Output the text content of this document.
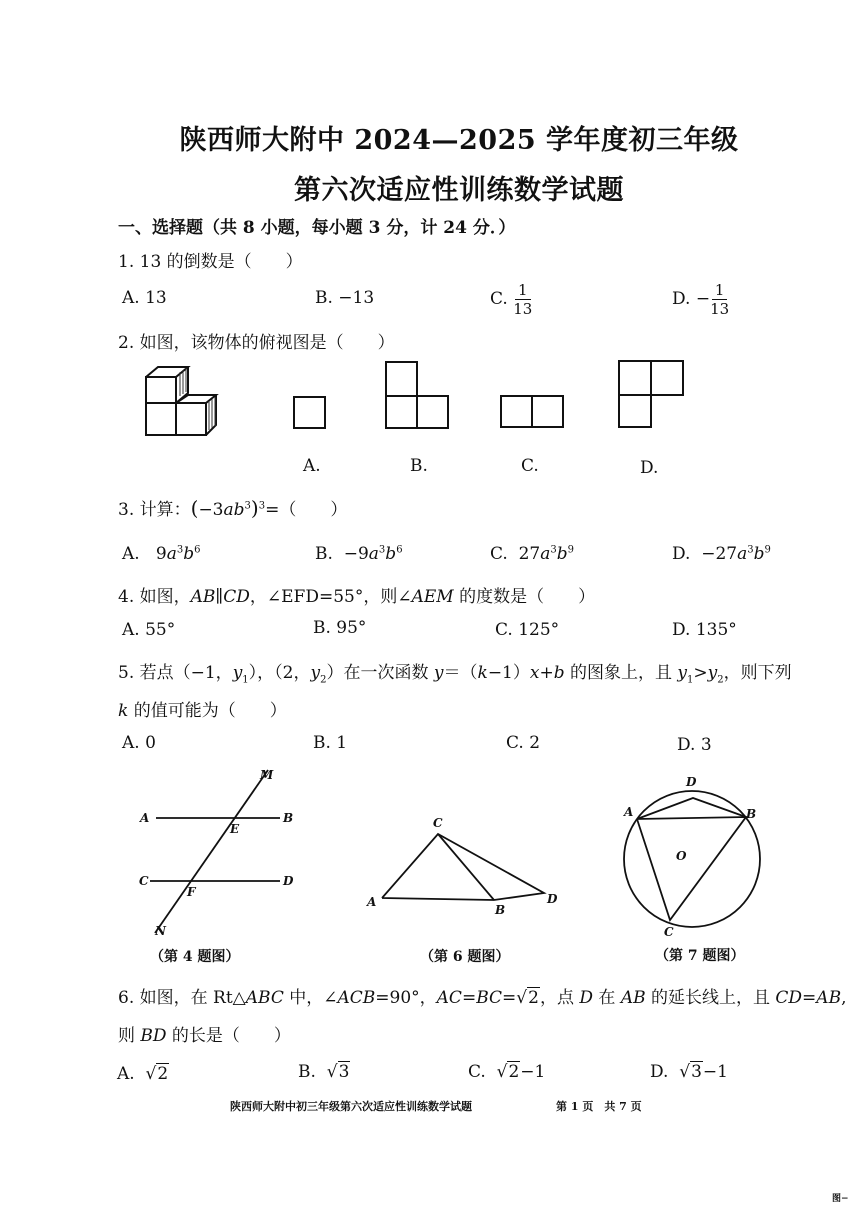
陕西师大附中 2024—2025 学年度初三年级
第六次适应性训练数学试题
一、选择题（共 8 小题，每小题 3 分，计 24 分．）
1. 13 的倒数是（　　）
A. 13	B. −13	C. $\frac{1}{13}$	D. − $\frac{1}{13}$
2. 如图，该物体的俯视图是（　　）
A.	B.	C.	D.
3. 计算：$(-3ab^3)^3=$（　　）
A.   $9a^3b^6$	B.  $-9a^3b^6$	C.  $27a^3b^9$	D.  $-27a^3b^9$
4. 如图，AB∥CD，∠EFD=55°，则∠AEM 的度数是（　　）
A. 55°	B. 95°	C. 125°	D. 135°
5. 若点（−1，$y_1$），（2，$y_2$）在一次函数 y＝（k−1）x+b 的图象上，且 $y_1>y_2$，则下列
k 的值可能为（　　）
A. 0	B. 1	C. 2	D. 3
M
A
E
B
C
F
D
N
（第 4 题图）
C
A
B
D
（第 6 题图）
D
A	B
O
C
（第 7 题图）
6. 如图，在 Rt△ABC 中，∠ACB=90°，AC=BC=√2，点 D 在 AB 的延长线上，且 CD=AB,
则 BD 的长是（　　）
A. √2	B. √3	C. √2−1	D. √3−1
陕西师大附中初三年级第六次适应性训练数学试题	第 1 页　共 7 页
图−
